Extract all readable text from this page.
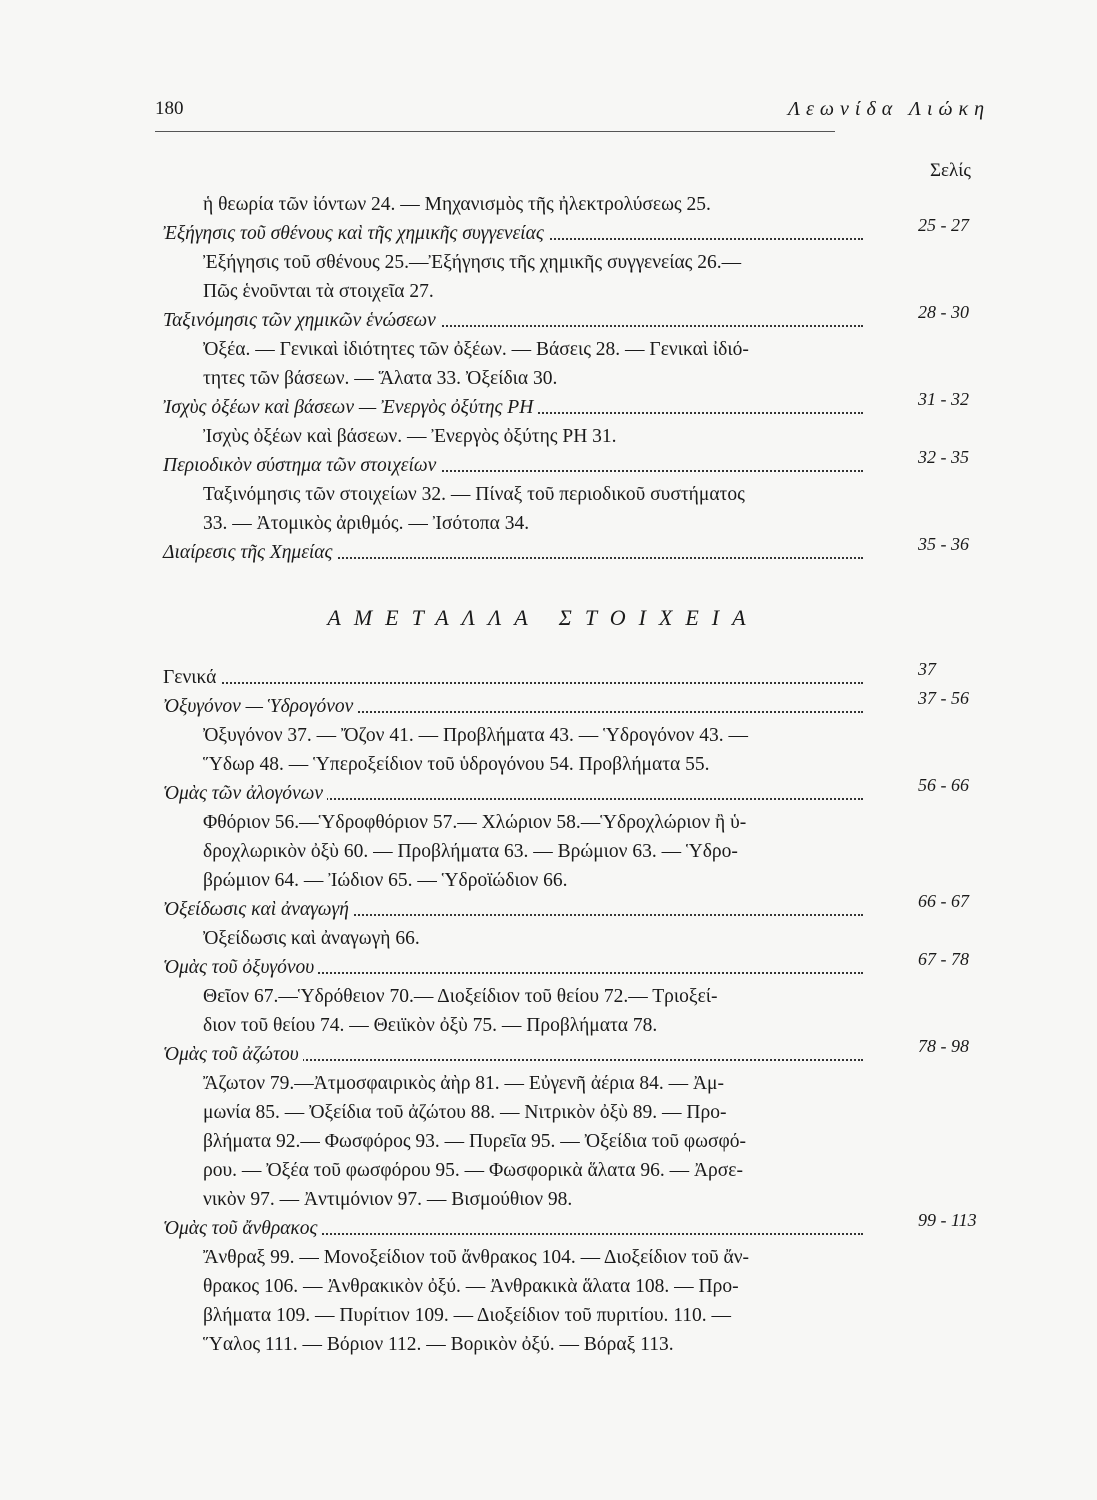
180	Λεωνίδα Λιώκη
Σελίς
ἡ θεωρία τῶν ἰόντων 24. — Μηχανισμὸς τῆς ἠλεκτρολύσεως 25.
Ἐξήγησις τοῦ σθένους καὶ τῆς χημικῆς συγγενείας	25 - 27
Ἐξήγησις τοῦ σθένους 25.—Ἐξήγησις τῆς χημικῆς συγγενείας 26.—
Πῶς ἑνοῦνται τὰ στοιχεῖα 27.
Ταξινόμησις τῶν χημικῶν ἑνώσεων	28 - 30
Ὀξέα. — Γενικαὶ ἰδιότητες τῶν ὀξέων. — Βάσεις 28. — Γενικαὶ ἰδιό-
τητες τῶν βάσεων. — Ἅλατα 33. Ὀξείδια 30.
Ἰσχὺς ὀξέων καὶ βάσεων — Ἐνεργὸς ὀξύτης PH	31 - 32
Ἰσχὺς ὀξέων καὶ βάσεων. — Ἐνεργὸς ὀξύτης PH 31.
Περιοδικὸν σύστημα τῶν στοιχείων	32 - 35
Ταξινόμησις τῶν στοιχείων 32. — Πίναξ τοῦ περιοδικοῦ συστήματος
33. — Ἀτομικὸς ἀριθμός. — Ἰσότοπα 34.
Διαίρεσις τῆς Χημείας	35 - 36
ΑΜΕΤΑΛΛΑ ΣΤΟΙΧΕΙΑ
Γενικά	37
Ὀξυγόνον — Ὑδρογόνον	37 - 56
Ὀξυγόνον 37. — Ὄζον 41. — Προβλήματα 43. — Ὑδρογόνον 43. —
Ὕδωρ 48. — Ὑπεροξείδιον τοῦ ὑδρογόνου 54. Προβλήματα 55.
Ὁμὰς τῶν ἀλογόνων	56 - 66
Φθόριον 56.—Ὑδροφθόριον 57.— Χλώριον 58.—Ὑδροχλώριον ἢ ὑ-
δροχλωρικὸν ὀξὺ 60. — Προβλήματα 63. — Βρώμιον 63. — Ὑδρο-
βρώμιον 64. — Ἰώδιον 65. — Ὑδροϊώδιον 66.
Ὀξείδωσις καὶ ἀναγωγή	66 - 67
Ὀξείδωσις καὶ ἀναγωγὴ 66.
Ὁμὰς τοῦ ὀξυγόνου	67 - 78
Θεῖον 67.—Ὑδρόθειον 70.— Διοξείδιον τοῦ θείου 72.— Τριοξεί-
διον τοῦ θείου 74. — Θειϊκὸν ὀξὺ 75. — Προβλήματα 78.
Ὁμὰς τοῦ ἀζώτου	78 - 98
Ἄζωτον 79.—Ἀτμοσφαιρικὸς ἀὴρ 81. — Εὐγενῆ ἀέρια 84. — Ἀμ-
μωνία 85. — Ὀξείδια τοῦ ἀζώτου 88. — Νιτρικὸν ὀξὺ 89. — Προ-
βλήματα 92.— Φωσφόρος 93. — Πυρεῖα 95. — Ὀξείδια τοῦ φωσφό-
ρου. — Ὀξέα τοῦ φωσφόρου 95. — Φωσφορικὰ ἅλατα 96. — Ἀρσε-
νικὸν 97. — Ἀντιμόνιον 97. — Βισμούθιον 98.
Ὁμὰς τοῦ ἄνθρακος	99 - 113
Ἄνθραξ 99. — Μονοξείδιον τοῦ ἄνθρακος 104. — Διοξείδιον τοῦ ἄν-
θρακος 106. — Ἀνθρακικὸν ὀξύ. — Ἀνθρακικὰ ἅλατα 108. — Προ-
βλήματα 109. — Πυρίτιον 109. — Διοξείδιον τοῦ πυριτίου. 110. —
Ὕαλος 111. — Βόριον 112. — Βορικὸν ὀξύ. — Βόραξ 113.
